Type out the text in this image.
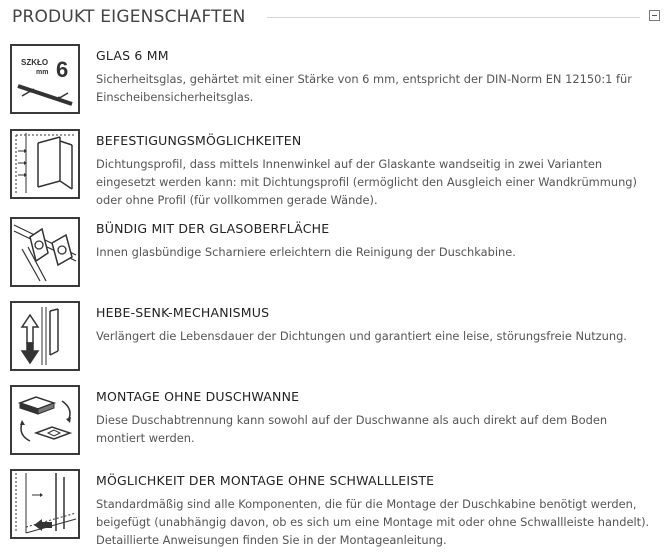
PRODUKT EIGENSCHAFTEN
SZKŁO
mm 6
GLAS 6 MM
Sicherheitsglas, gehärtet mit einer Stärke von 6 mm, entspricht der DIN-Norm EN 12150:1 für Einscheibensicherheitsglas.
BEFESTIGUNGSMÖGLICHKEITEN
Dichtungsprofil, dass mittels Innenwinkel auf der Glaskante wandseitig in zwei Varianten eingesetzt werden kann: mit Dichtungsprofil (ermöglicht den Ausgleich einer Wandkrümmung) oder ohne Profil (für vollkommen gerade Wände).
BÜNDIG MIT DER GLASOBERFLÄCHE
Innen glasbündige Scharniere erleichtern die Reinigung der Duschkabine.
HEBE-SENK-MECHANISMUS
Verlängert die Lebensdauer der Dichtungen und garantiert eine leise, störungsfreie Nutzung.
MONTAGE OHNE DUSCHWANNE
Diese Duschabtrennung kann sowohl auf der Duschwanne als auch direkt auf dem Boden montiert werden.
MÖGLICHKEIT DER MONTAGE OHNE SCHWALLLEISTE
Standardmäßig sind alle Komponenten, die für die Montage der Duschkabine benötigt werden, beigefügt (unabhängig davon, ob es sich um eine Montage mit oder ohne Schwallleiste handelt). Detaillierte Anweisungen finden Sie in der Montageanleitung.
